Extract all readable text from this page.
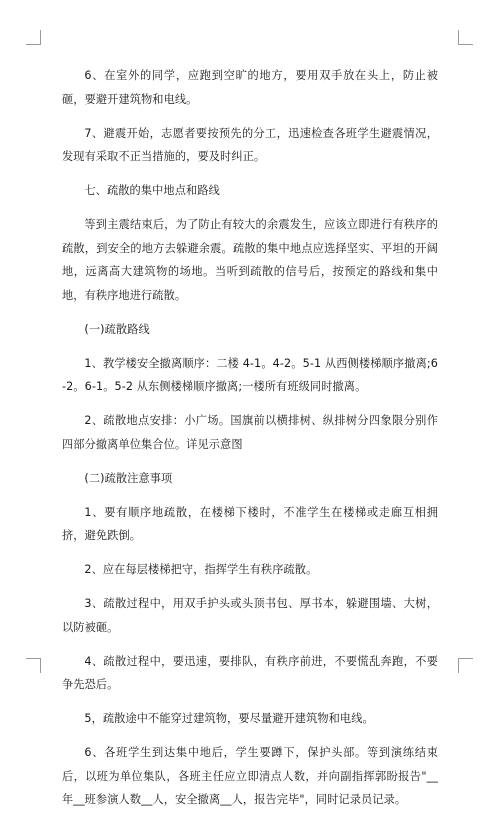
6、在室外的同学，应跑到空旷的地方，要用双手放在头上，防止被砸，要避开建筑物和电线。

7、避震开始，志愿者要按预先的分工，迅速检查各班学生避震情况，发现有采取不正当措施的，要及时纠正。

七、疏散的集中地点和路线

等到主震结束后，为了防止有较大的余震发生，应该立即进行有秩序的疏散，到安全的地方去躲避余震。疏散的集中地点应选择坚实、平坦的开阔地，远离高大建筑物的场地。当听到疏散的信号后，按预定的路线和集中地，有秩序地进行疏散。

(一)疏散路线

1、教学楼安全撤离顺序：二楼 4-1。4-2。5-1 从西侧楼梯顺序撤离;6-2。6-1。5-2 从东侧楼梯顺序撤离;一楼所有班级同时撤离。

2、疏散地点安排：小广场。国旗前以横排树、纵排树分四象限分别作四部分撤离单位集合位。详见示意图

(二)疏散注意事项

1、要有顺序地疏散，在楼梯下楼时，不准学生在楼梯或走廊互相拥挤，避免跌倒。

2、应在每层楼梯把守，指挥学生有秩序疏散。

3、疏散过程中，用双手护头或头顶书包、厚书本，躲避围墙、大树，以防被砸。

4、疏散过程中，要迅速，要排队，有秩序前进，不要慌乱奔跑，不要争先恐后。

5，疏散途中不能穿过建筑物，要尽量避开建筑物和电线。

6、各班学生到达集中地后，学生要蹲下，保护头部。等到演练结束后，以班为单位集队，各班主任应立即清点人数，并向副指挥郭盼报告"__年__班参演人数__人，安全撤离__人，报告完毕"，同时记录员记录。
